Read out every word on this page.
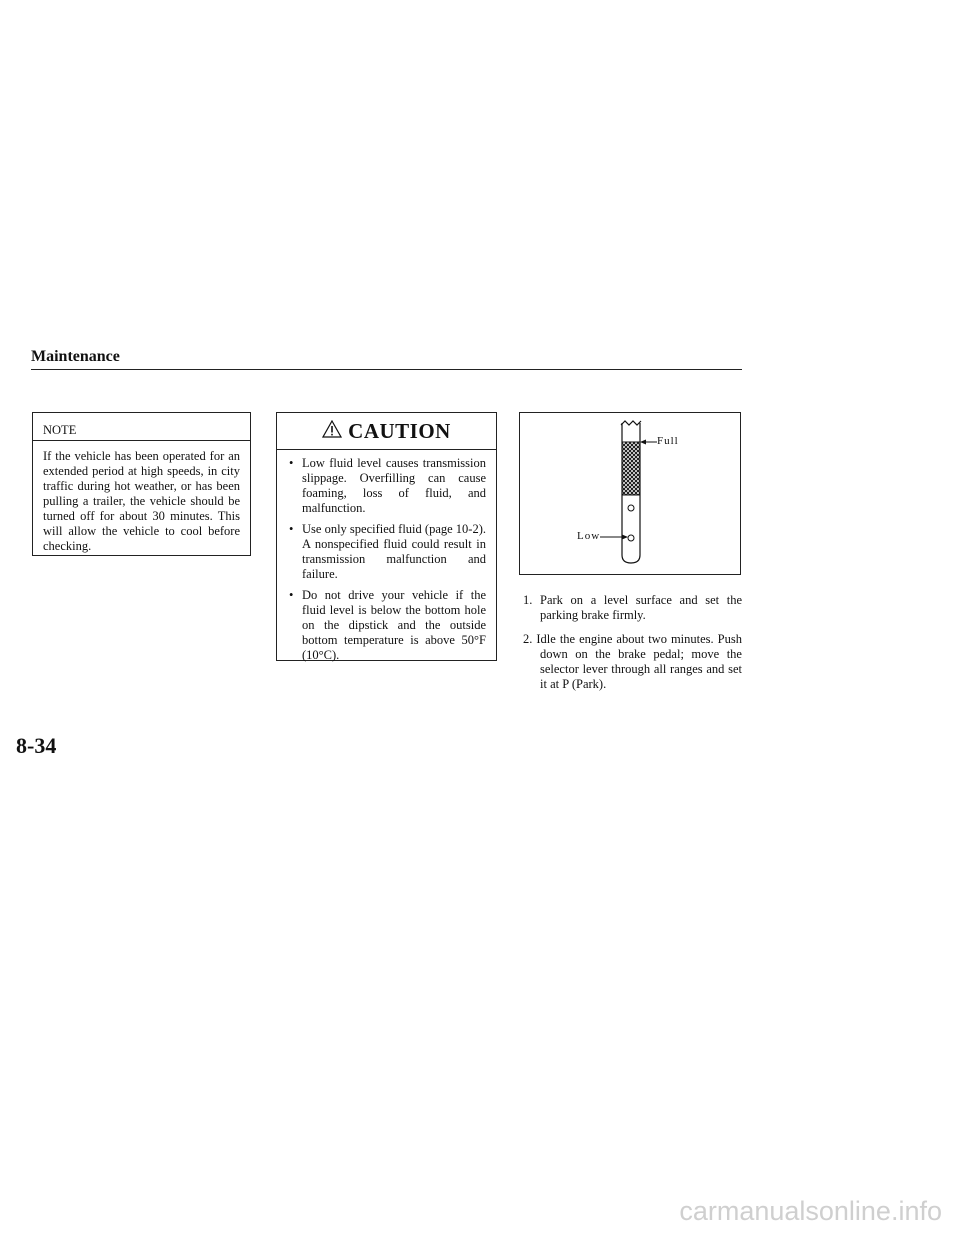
Maintenance
NOTE
If the vehicle has been operated for an extended period at high speeds, in city traffic during hot weather, or has been pulling a trailer, the vehicle should be turned off for about 30 minutes. This will allow the vehicle to cool before checking.
CAUTION
• Low fluid level causes transmission slippage. Overfilling can cause foaming, loss of fluid, and malfunction.
• Use only specified fluid (page 10-2). A nonspecified fluid could result in transmission malfunction and failure.
• Do not drive your vehicle if the fluid level is below the bottom hole on the dipstick and the outside bottom temperature is above 50°F (10°C).
Full
Low
1. Park on a level surface and set the parking brake firmly.
2. Idle the engine about two minutes. Push down on the brake pedal; move the selector lever through all ranges and set it at P (Park).
8-34
carmanualsonline.info
